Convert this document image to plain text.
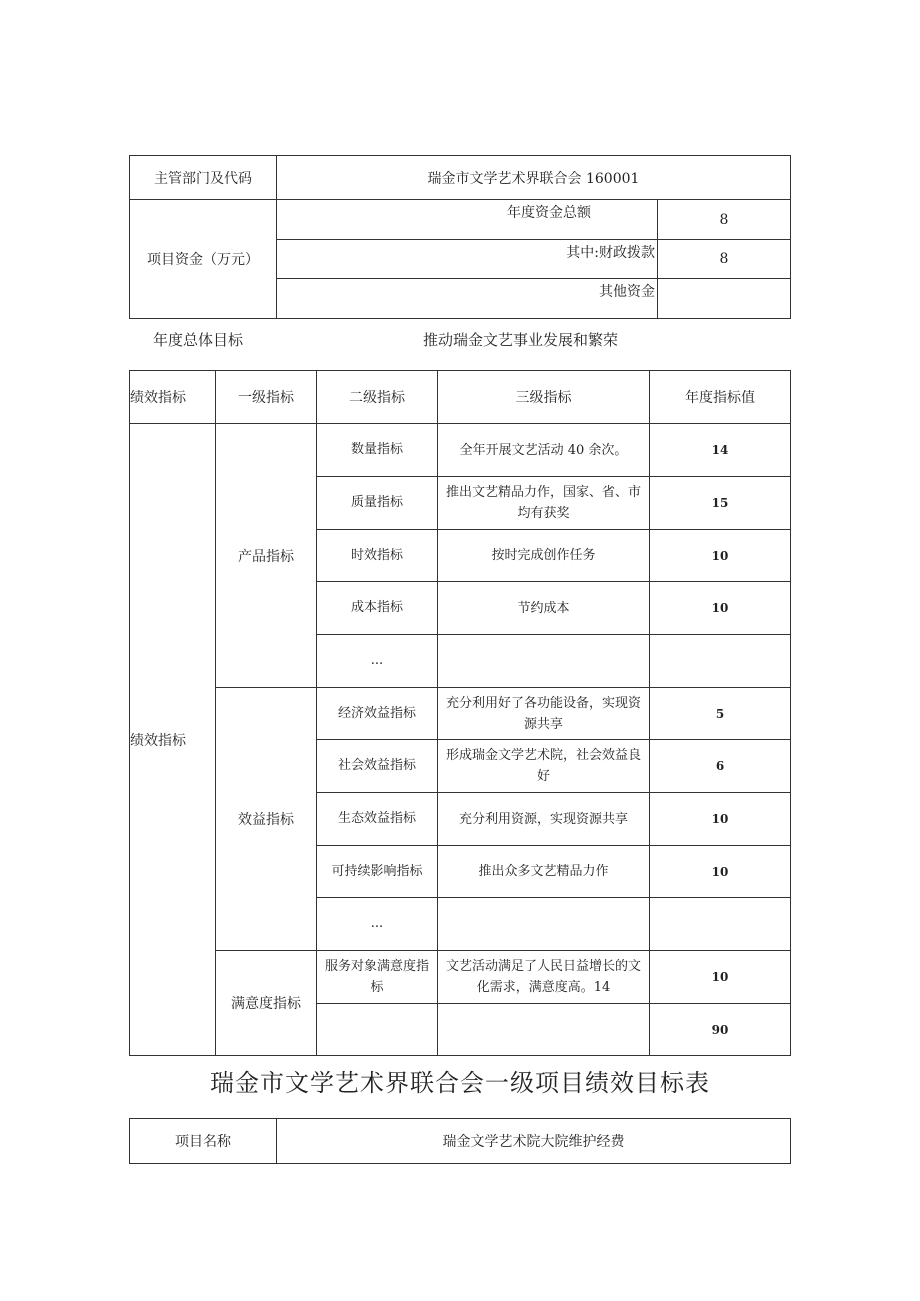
主管部门及代码	瑞金市文学艺术界联合会 160001	
项目资金（万元）	年度资金总额	8
	其中:财政拨款	8
	其他资金	
年度总体目标	推动瑞金文艺事业发展和繁荣
绩效指标	一级指标	二级指标	三级指标	年度指标值
绩效指标	产品指标	数量指标	全年开展文艺活动 40 余次。	14
		质量指标	推出文艺精品力作，国家、省、市均有获奖	15
		时效指标	按时完成创作任务	10
		成本指标	节约成本	10
		...		
	效益指标	经济效益指标	充分利用好了各功能设备，实现资源共享	5
		社会效益指标	形成瑞金文学艺术院，社会效益良好	6
		生态效益指标	充分利用资源，实现资源共享	10
		可持续影响指标	推出众多文艺精品力作	10
		...		
	满意度指标	服务对象满意度指标	文艺活动满足了人民日益增长的文化需求，满意度高。14	10
				90
瑞金市文学艺术界联合会一级项目绩效目标表
项目名称	瑞金文学艺术院大院维护经费
